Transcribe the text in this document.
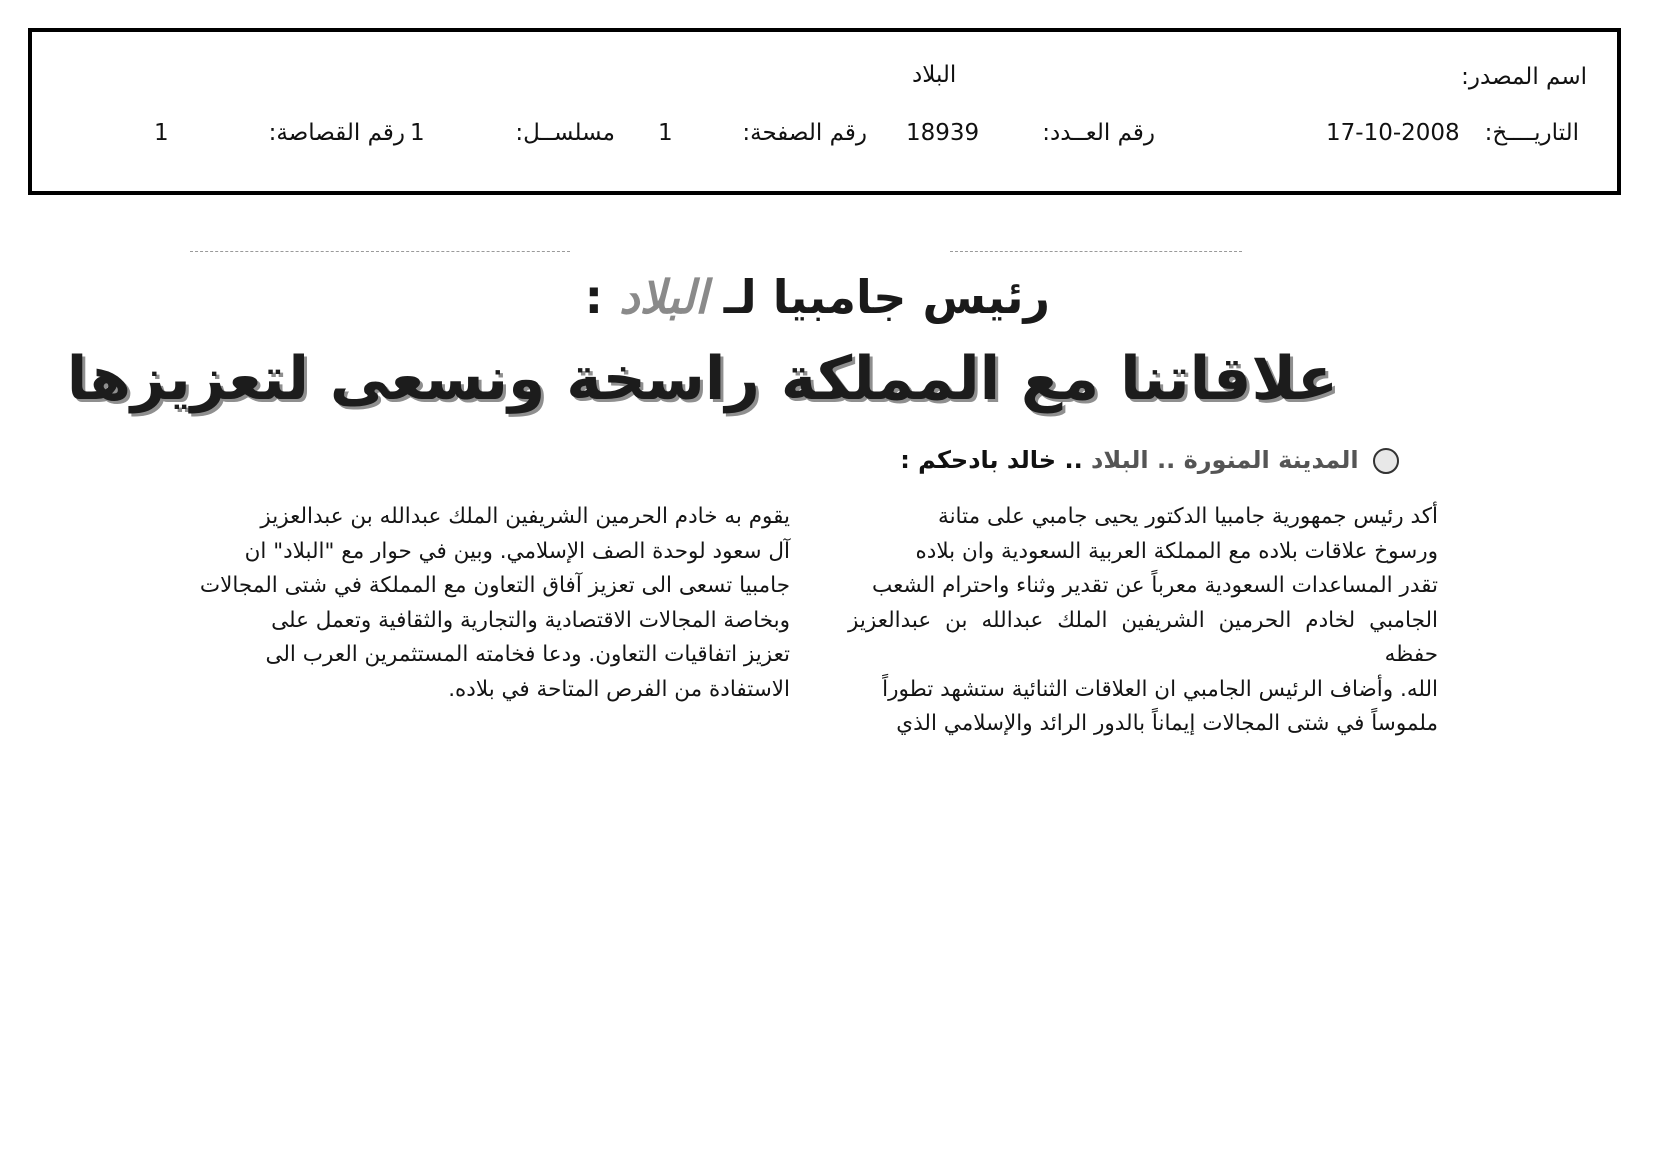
اسم المصدر:
البلاد
التاريــــخ:
17-10-2008
رقم العــدد:
18939
رقم الصفحة:
1
مسلســل:
1
رقم القصاصة:
1
رئيس جامبيا لـ البلاد :
علاقاتنا مع المملكة راسخة ونسعى لتعزيزها
المدينة المنورة .. البلاد .. خالد بادحكم :
أكد رئيس جمهورية جامبيا الدكتور يحيى جامبي على متانة
ورسوخ علاقات بلاده مع المملكة العربية السعودية وان بلاده
تقدر المساعدات السعودية معرباً عن تقدير وثناء واحترام الشعب
الجامبي لخادم الحرمين الشريفين الملك عبدالله بن عبدالعزيز حفظه
الله. وأضاف الرئيس الجامبي ان العلاقات الثنائية ستشهد تطوراً
ملموساً في شتى المجالات إيماناً بالدور الرائد والإسلامي الذي
يقوم به خادم الحرمين الشريفين الملك عبدالله بن عبدالعزيز
آل سعود لوحدة الصف الإسلامي. وبين في حوار مع "البلاد" ان
جامبيا تسعى الى تعزيز آفاق التعاون مع المملكة في شتى المجالات
وبخاصة المجالات الاقتصادية والتجارية والثقافية وتعمل على
تعزيز اتفاقيات التعاون. ودعا فخامته المستثمرين العرب الى
الاستفادة من الفرص المتاحة في بلاده.
